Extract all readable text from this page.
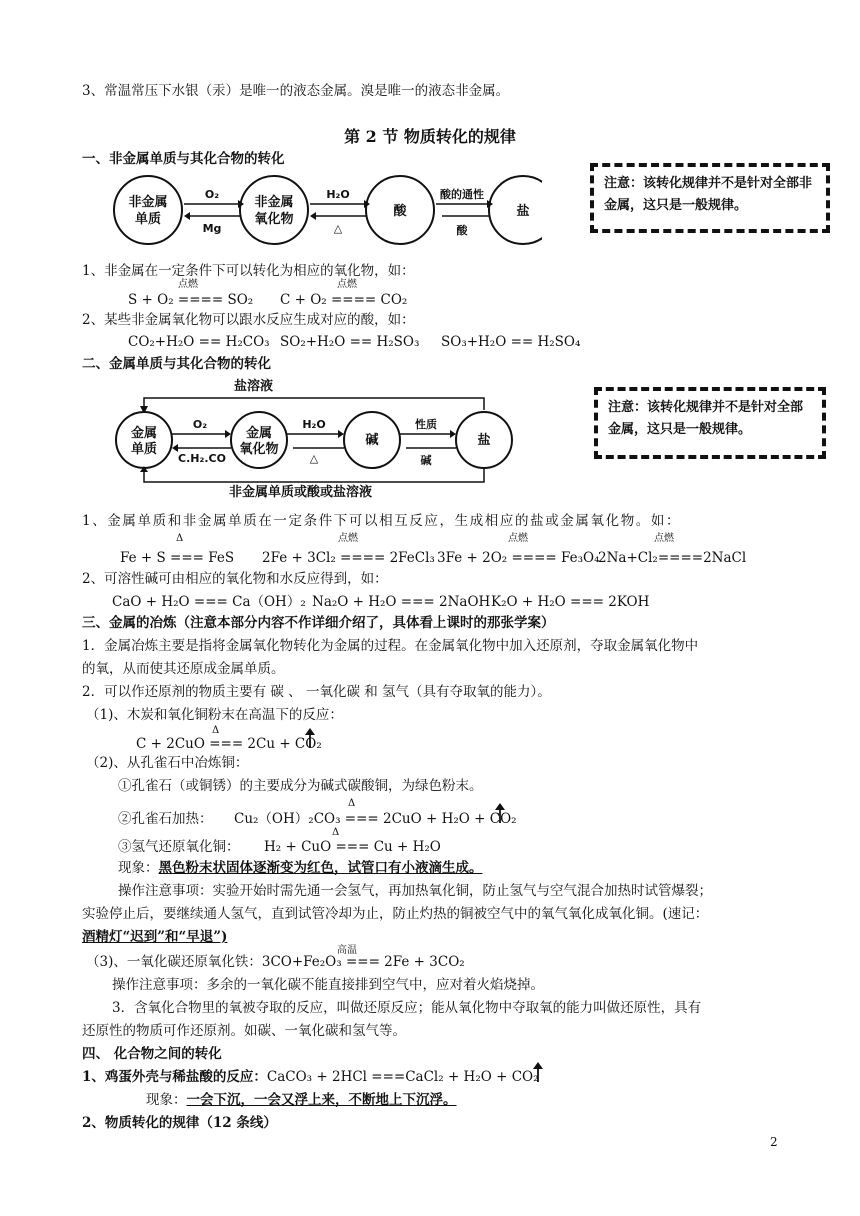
3、常温常压下水银（汞）是唯一的液态金属。溴是唯一的液态非金属。
第 2 节 物质转化的规律
一、非金属单质与其化合物的转化
非金属
单质
非金属
氧化物
酸	盐
O₂
Mg
H₂O
△
酸的通性
酸
注意：该转化规律并不是针对全部非金属，这只是一般规律。
1、非金属在一定条件下可以转化为相应的氧化物，如：
点燃	点燃
S + O₂ ==== SO₂ C + O₂ ==== CO₂
2、某些非金属氧化物可以跟水反应生成对应的酸，如：
CO₂+H₂O == H₂CO₃ SO₂+H₂O == H₂SO₃ SO₃+H₂O == H₂SO₄
二、金属单质与其化合物的转化
盐溶液
金属
单质
金属
氧化物
碱	盐
O₂
C.H₂.CO
H₂O
△
性质
碱
非金属单质或酸或盐溶液
注意：该转化规律并不是针对全部金属，这只是一般规律。
1、金属单质和非金属单质在一定条件下可以相互反应，生成相应的盐或金属氧化物。如：
Δ	点燃	点燃	点燃
Fe + S === FeS 2Fe + 3Cl₂ ==== 2FeCl₃ 3Fe + 2O₂ ==== Fe₃O₄
2Na+Cl₂====2NaCl
2、可溶性碱可由相应的氧化物和水反应得到，如：
CaO + H₂O === Ca（OH）₂ Na₂O + H₂O === 2NaOH K₂O + H₂O === 2KOH
三、金属的冶炼（注意本部分内容不作详细介绍了，具体看上课时的那张学案）
1．金属冶炼主要是指将金属氧化物转化为金属的过程。在金属氧化物中加入还原剂，夺取金属氧化物中
的氧，从而使其还原成金属单质。
2．可以作还原剂的物质主要有 碳 、 一氧化碳 和 氢气（具有夺取氧的能力）。
（1)、木炭和氧化铜粉末在高温下的反应：
Δ
C + 2CuO === 2Cu + CO₂
（2)、从孔雀石中冶炼铜：
①孔雀石（或铜锈）的主要成分为碱式碳酸铜，为绿色粉末。
②孔雀石加热：
Δ
Cu₂（OH）₂CO₃ === 2CuO + H₂O + CO₂
③氢气还原氧化铜：
Δ
H₂ + CuO === Cu + H₂O
现象：黑色粉末状固体逐渐变为红色，试管口有小液滴生成。
操作注意事项：实验开始时需先通一会氢气，再加热氧化铜，防止氢气与空气混合加热时试管爆裂；
实验停止后，要继续通人氢气，直到试管冷却为止，防止灼热的铜被空气中的氧气氧化成氧化铜。(速记：
酒精灯“迟到”和“早退”)
高温
（3)、一氧化碳还原氧化铁：3CO+Fe₂O₃ === 2Fe + 3CO₂
操作注意事项：多余的一氧化碳不能直接排到空气中，应对着火焰烧掉。
3．含氧化合物里的氧被夺取的反应，叫做还原反应；能从氧化物中夺取氧的能力叫做还原性，具有
还原性的物质可作还原剂。如碳、一氧化碳和氢气等。
四、 化合物之间的转化
1、鸡蛋外壳与稀盐酸的反应：CaCO₃ + 2HCl ===CaCl₂ + H₂O + CO₂
现象：一会下沉，一会又浮上来，不断地上下沉浮。
2、物质转化的规律（12 条线）
2
